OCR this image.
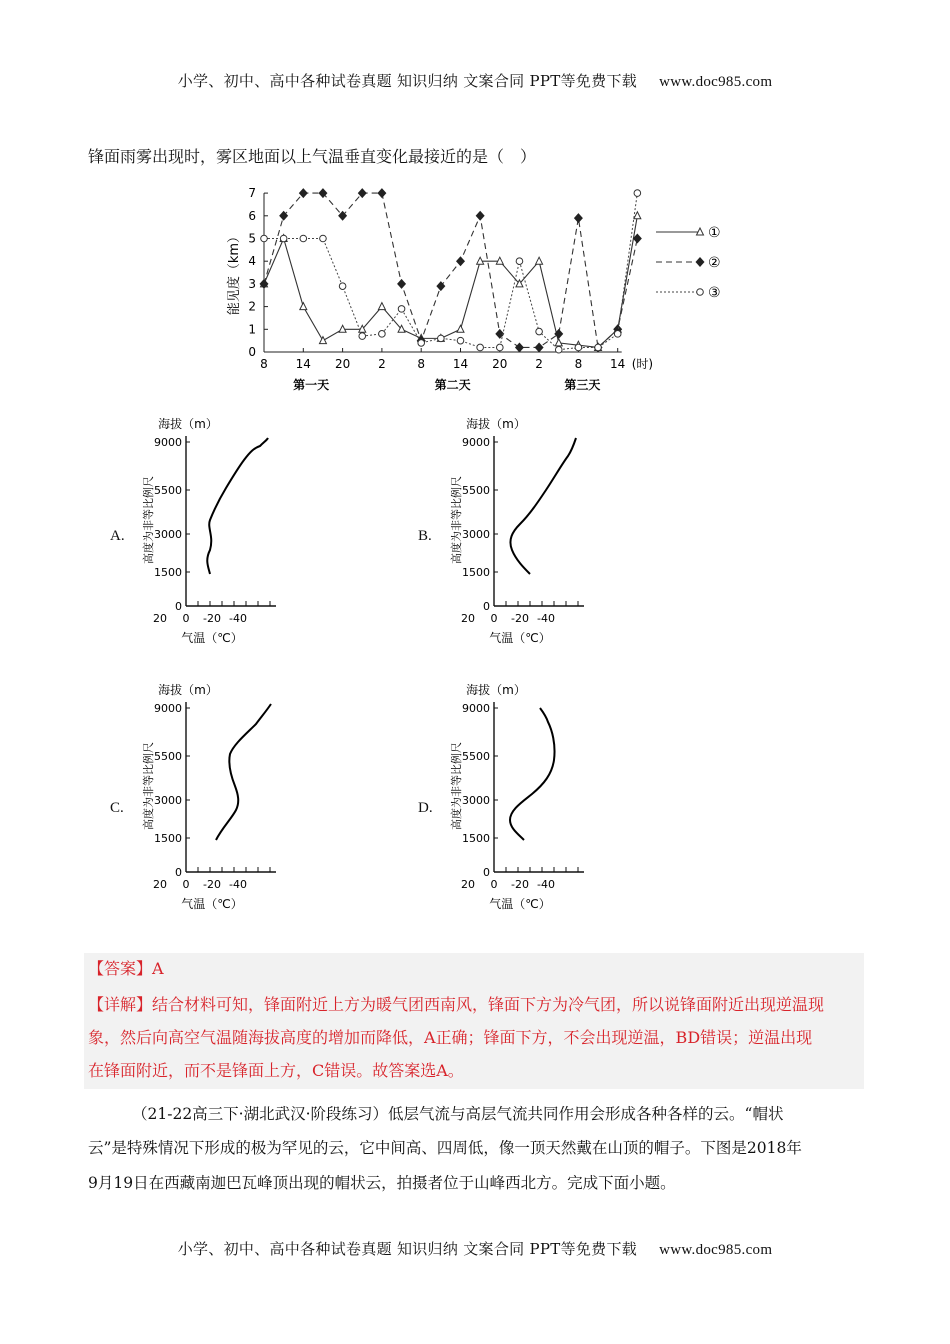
小学、初中、高中各种试卷真题 知识归纳 文案合同 PPT等免费下载 www.doc985.com
锋面雨雾出现时，雾区地面以上气温垂直变化最接近的是（　）
0
1
2
3
4
5
6
7
8 14 20 2	8 14 20 2	8 14 (时)
第一天	第二天	第三天
能见度（km）	①
②
③
A.	B.
C.	D.
海拔（m）
9000
5500
3000
1500
0
20 0 -20 -40
气温（℃）
高度为非等比例尺
海拔（m）
9000
5500
3000
1500
0
20 0 -20 -40
气温（℃）
高度为非等比例尺
海拔（m）
9000
5500
3000
1500
0
20 0 -20 -40
气温（℃）
高度为非等比例尺
海拔（m）
9000
5500
3000
1500
0
20 0 -20 -40
气温（℃）
高度为非等比例尺
【答案】A
【详解】结合材料可知，锋面附近上方为暖气团西南风，锋面下方为冷气团，所以说锋面附近出现逆温现
象，然后向高空气温随海拔高度的增加而降低，A正确；锋面下方，不会出现逆温，BD错误；逆温出现
在锋面附近，而不是锋面上方，C错误。故答案选A。
（21-22高三下·湖北武汉·阶段练习）低层气流与高层气流共同作用会形成各种各样的云。“帽状
云”是特殊情况下形成的极为罕见的云，它中间高、四周低，像一顶天然戴在山顶的帽子。下图是2018年
9月19日在西藏南迦巴瓦峰顶出现的帽状云，拍摄者位于山峰西北方。完成下面小题。
小学、初中、高中各种试卷真题 知识归纳 文案合同 PPT等免费下载 www.doc985.com
